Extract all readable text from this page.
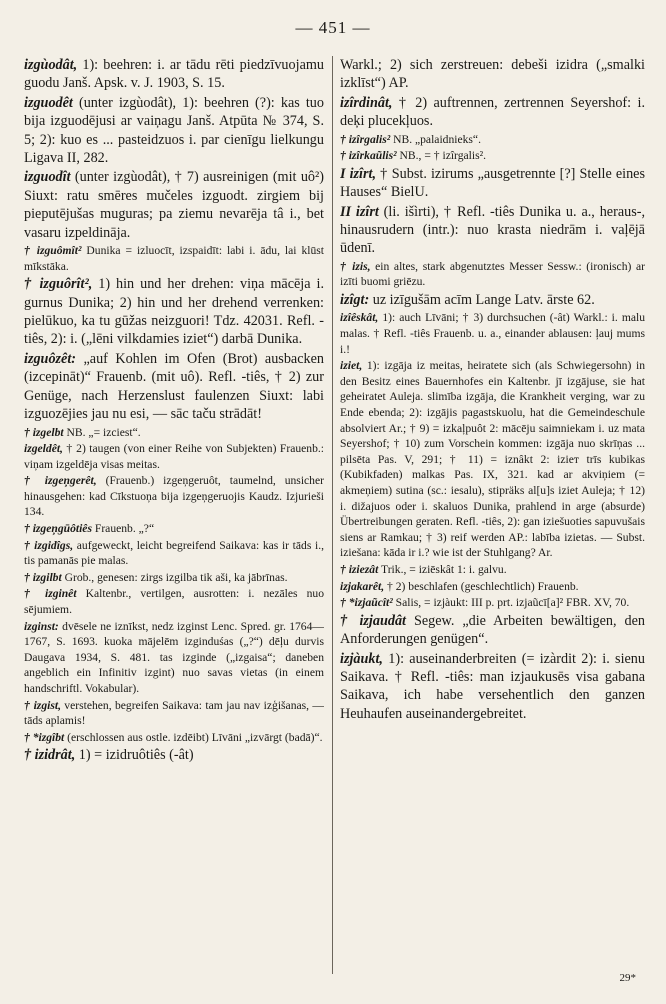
— 451 —

izgùodât, 1): beehren: i. ar tādu rēti piedzīvuojamu guodu Janš. Apsk. v. J. 1903, S. 15.

izguodêt (unter izgùodât), 1): beehren (?): kas tuo bija izguodējusi ar vaiņagu Janš. Atpūta № 374, S. 5; 2): kuo es ... pasteidzuos i. par cienīgu lielkungu Ligava II, 282.

izguodît (unter izgùodât), † 7) ausreinigen (mit uô²) Siuxt: ratu smēres mučeles izguodt. zirgiem bij pieputējušas muguras; pa ziemu nevarēja tâ i., bet vasaru izpeldināja.

† izguômît² Dunika = izluocīt, izspaidīt: labi i. ādu, lai klūst mīkstāka.

† izguôrît², 1) hin und her drehen: viņa mācēja i. gurnus Dunika; 2) hin und her drehend verrenken: pielūkuo, ka tu gūžas neizguori! Tdz. 42031. Refl. -tiês, 2): i. („lēni vilkdamies iziet“) darbā Dunika.

izguôzêt: „auf Kohlen im Ofen (Brot) ausbacken (izcepināt)“ Frauenb. (mit uô). Refl. -tiês, † 2) zur Genüge, nach Herzenslust faulenzen Siuxt: labi izguozējies jau nu esi, — sāc taču strādāt!

† izgelbt NB. „= izciest“.

izgeldêt, † 2) taugen (von einer Reihe von Subjekten) Frauenb.: viņam izgeldēja visas meitas.

† izgeņgerêt, (Frauenb.) izgeņgeruôt, taumelnd, unsicher hinausgehen: kad Cīkstuoņa bija izgeņgeruojis Kaudz. Izjurieši 134.

† izgeņgūôtiês Frauenb. „?“

† izgidîgs, aufgeweckt, leicht begreifend Saikava: kas ir tāds i., tis pamanās pie malas.

† izgilbt Grob., genesen: zirgs izgilba tik aši, ka jābrīnas.

† izginêt Kaltenbr., vertilgen, ausrotten: i. nezāles nuo sējumiem.

izginst: dvēsele ne iznīkst, nedz izginst Lenc. Spred. gr. 1764—1767, S. 1693. kuoka mājelēm izginduśas („?“) dēļu durvis Daugava 1934, S. 481. tas izginde („izgaisa“; daneben angeblich ein Infinitiv izgint) nuo savas vietas (in einem handschriftl. Vokabular).

† izgist, verstehen, begreifen Saikava: tam jau nav izģišanas, — tāds aplamis!

† *izgîbt (erschlossen aus ostle. izdēibt) Līvāni „izvārgt (badā)“.

† izidrât, 1) = izidruôtiês (-ât)

Warkl.; 2) sich zerstreuen: debeši izidra („smalki izklīst“) AP.

izîrdinât, † 2) auftrennen, zertrennen Seyershof: i. deķi plucekļuos.

† izîrgalis² NB. „palaidnieks“.

† izîrkaũlis² NB., = † izîrgalis².

I izîrt, † Subst. izirums „ausgetrennte [?] Stelle eines Hauses“ BielU.

II izîrt (li. išìrti), † Refl. -tiês Dunika u. a., heraus-, hinausrudern (intr.): nuo krasta niedrām i. vaļējā ūdenī.

† izis, ein altes, stark abgenutztes Messer Sessw.: (ironisch) ar izīti buomi griēzu.

izîgt: uz izīgušām acīm Lange Latv. ārste 62.

izîêskât, 1): auch Līvāni; † 3) durchsuchen (-ât) Warkl.: i. malu malas. † Refl. -tiês Frauenb. u. a., einander ablausen: ļauj mums i.!

iziet, 1): izgāja iz meitas, heiratete sich (als Schwiegersohn) in den Besitz eines Bauernhofes ein Kaltenbr. jī izgājuse, sie hat geheiratet Auleja. slimība izgāja, die Krankheit verging, war zu Ende ebenda; 2): izgājis pagastskuolu, hat die Gemeindeschule absolviert Ar.; † 9) = izkaļpuôt 2: mācēju saimniekam i. uz mata Seyershof; † 10) zum Vorschein kommen: izgāja nuo skrīņas ... pilsēta Pas. V, 291; † 11) = iznâkt 2: izieт trīs kubikas (Kubikfaden) malkas Pas. IX, 321. kad ar akviņiem (= akmeņiem) sutina (sc.: iesalu), stipräks al[u]s iziet Auleja; † 12) i. dižajuos oder i. skaluos Dunika, prahlend in arge (absurde) Übertreibungen geraten. Refl. -tiês, 2): gan iziešuoties sapuvušais siens ar Ramkau; † 3) reif werden AP.: labība izietas. — Subst. iziešana: kāda ir i.? wie ist der Stuhlgang? Ar.

† iziezât Trik., = iziēskât 1: i. galvu.

izjakarêt, † 2) beschlafen (geschlechtlich) Frauenb.

† *izjaũcît² Salis, = izjàukt: III p. prt. izjaũcī[a]² FBR. XV, 70.

† izjaudât Segew. „die Arbeiten bewältigen, den Anforderungen genügen“.

izjàukt, 1): auseinanderbreiten (= izàrdit 2): i. sienu Saikava. † Refl. -tiês: man izjaukusēs visa gabana Saikava, ich habe versehentlich den ganzen Heuhaufen auseinandergebreitet.

29*
